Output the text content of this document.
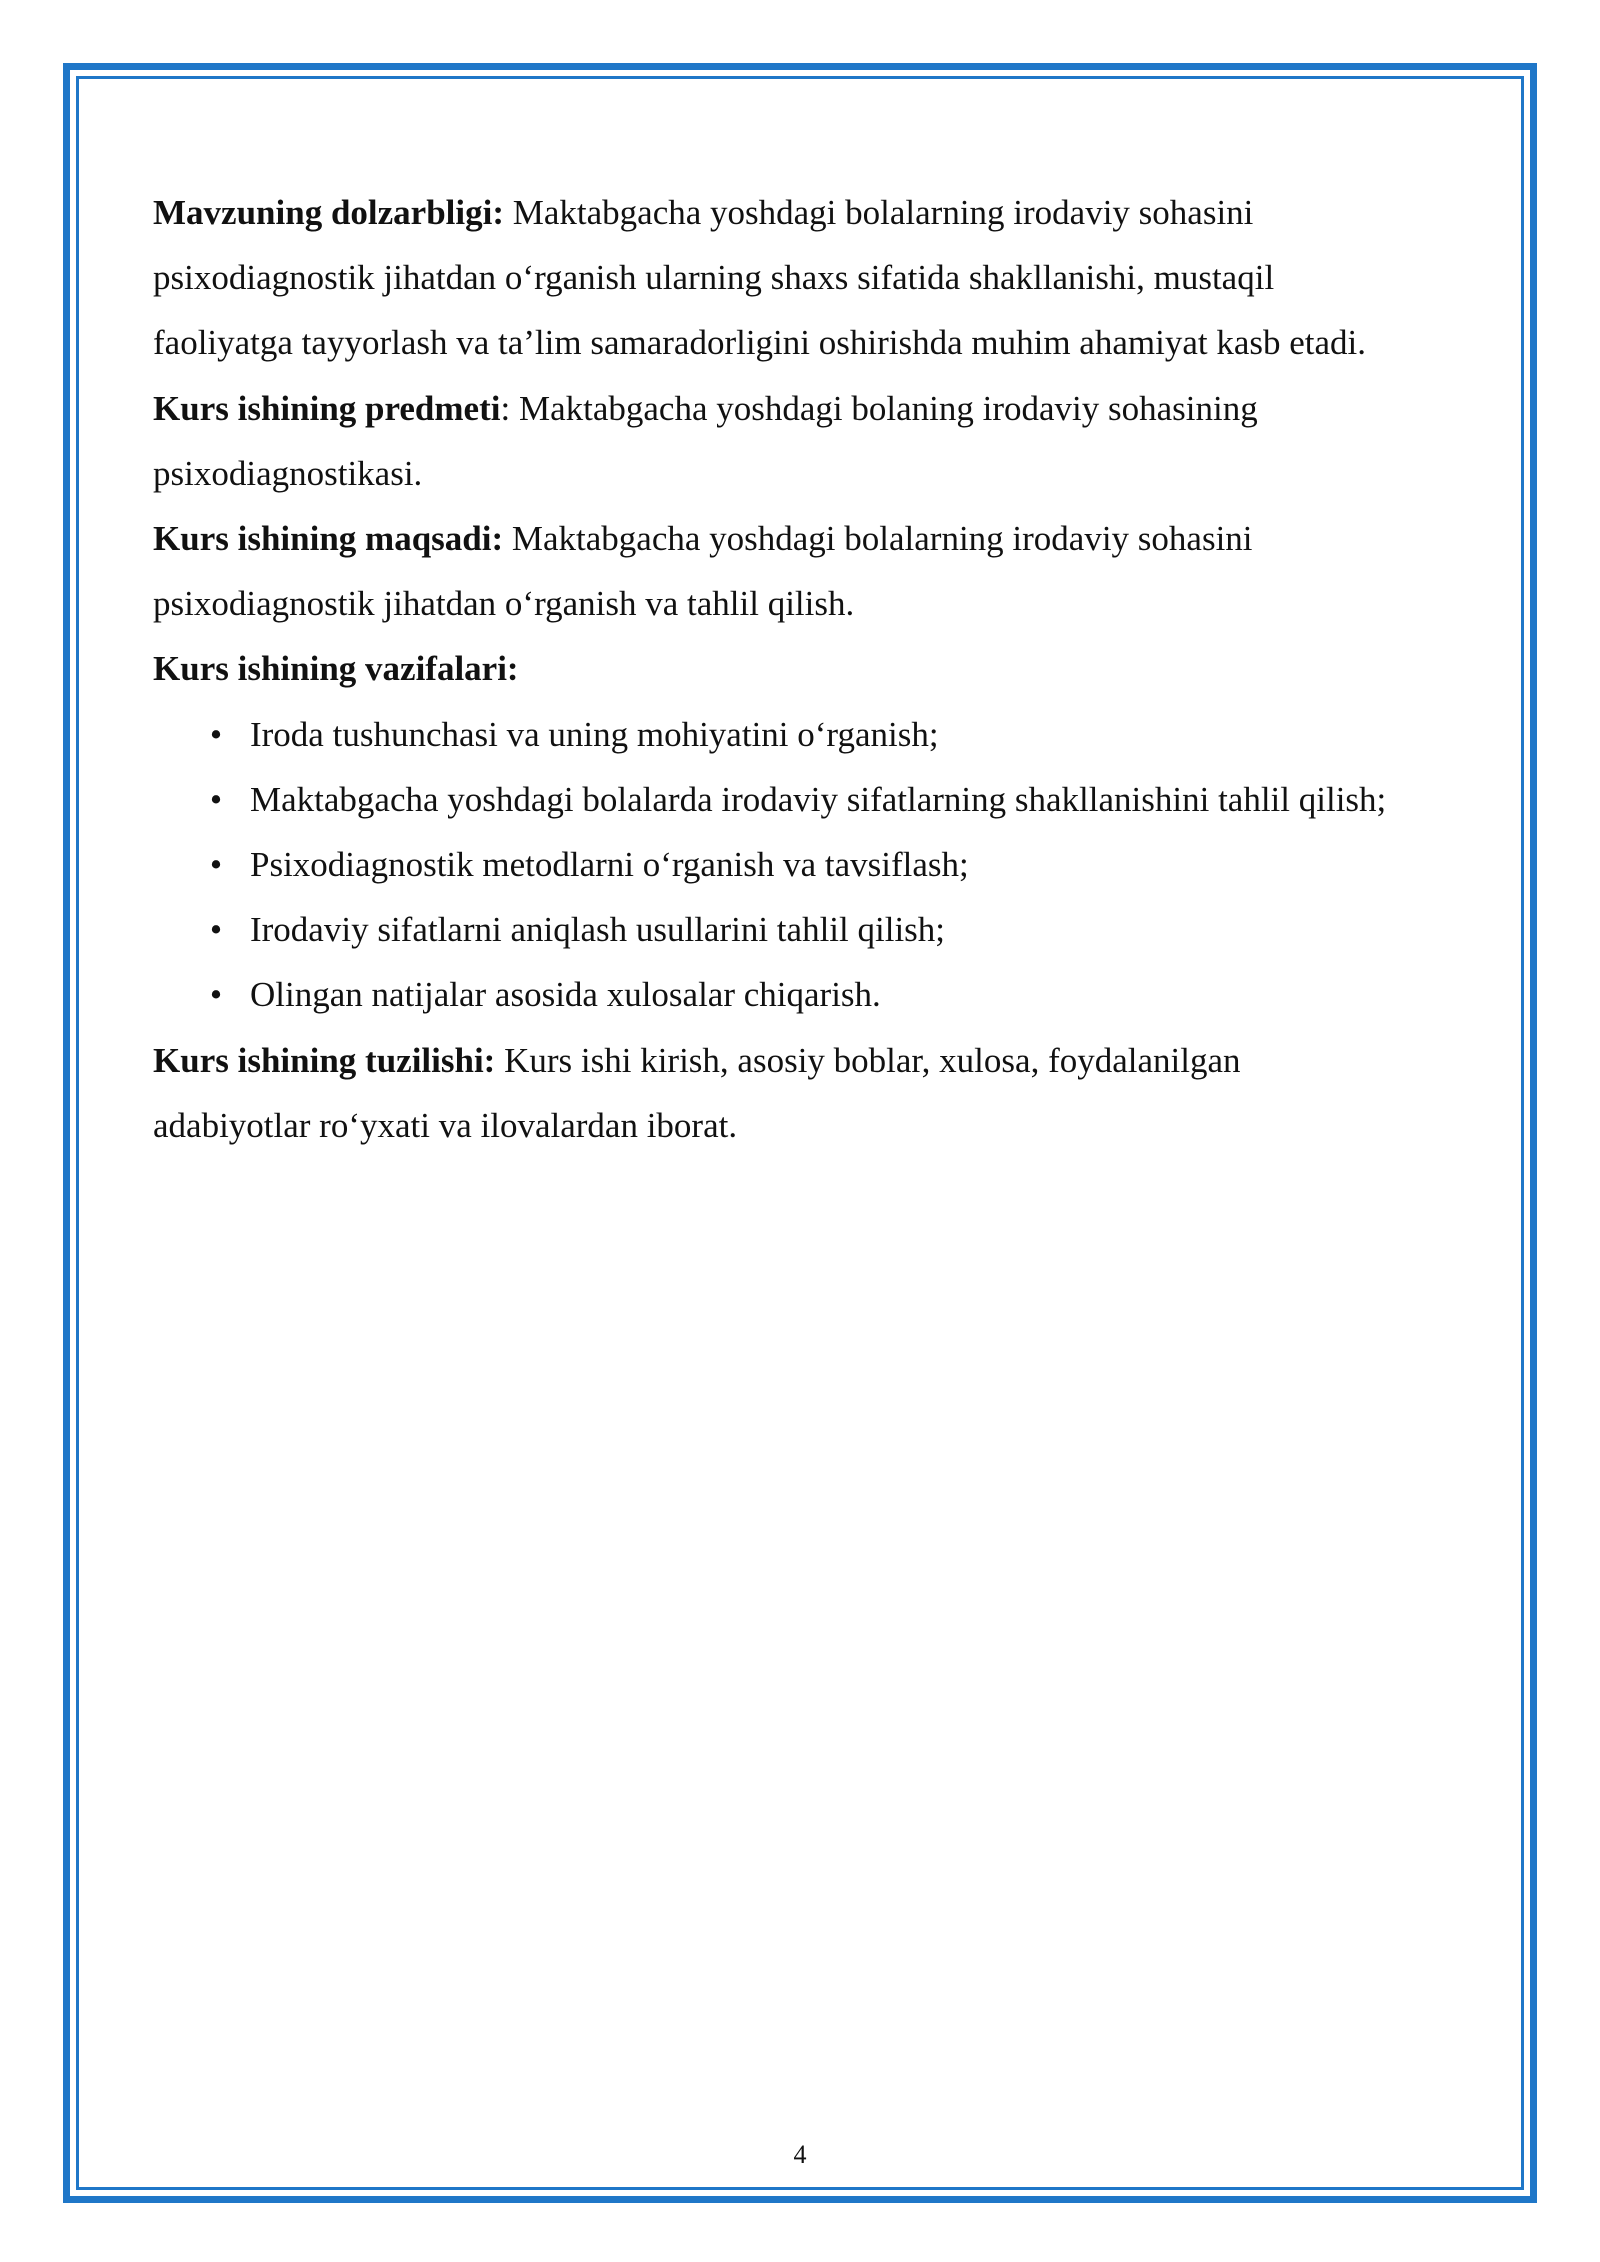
Mavzuning dolzarbligi: Maktabgacha yoshdagi bolalarning irodaviy sohasini psixodiagnostik jihatdan o‘rganish ularning shaxs sifatida shakllanishi, mustaqil faoliyatga tayyorlash va ta’lim samaradorligini oshirishda muhim ahamiyat kasb etadi.

Kurs ishining predmeti: Maktabgacha yoshdagi bolaning irodaviy sohasining psixodiagnostikasi.

Kurs ishining maqsadi: Maktabgacha yoshdagi bolalarning irodaviy sohasini psixodiagnostik jihatdan o‘rganish va tahlil qilish.

Kurs ishining vazifalari:

• Iroda tushunchasi va uning mohiyatini o‘rganish;
• Maktabgacha yoshdagi bolalarda irodaviy sifatlarning shakllanishini tahlil qilish;
• Psixodiagnostik metodlarni o‘rganish va tavsiflash;
• Irodaviy sifatlarni aniqlash usullarini tahlil qilish;
• Olingan natijalar asosida xulosalar chiqarish.

Kurs ishining tuzilishi: Kurs ishi kirish, asosiy boblar, xulosa, foydalanilgan adabiyotlar ro‘yxati va ilovalardan iborat.

4
